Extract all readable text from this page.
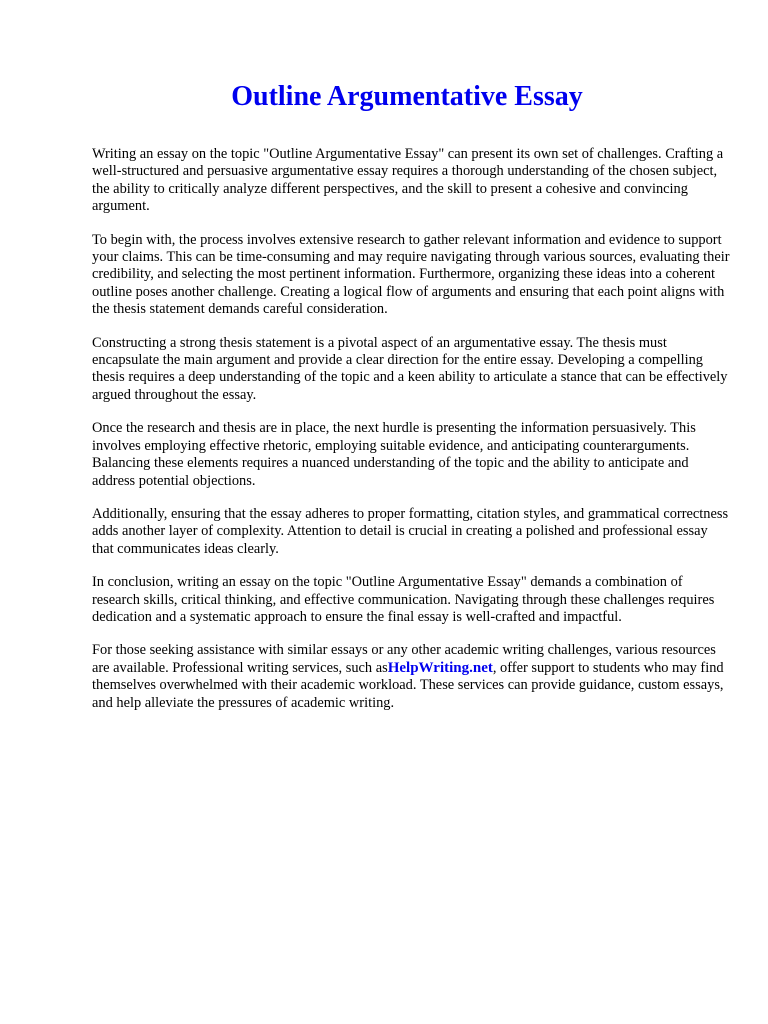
Outline Argumentative Essay

Writing an essay on the topic "Outline Argumentative Essay" can present its own set of challenges. Crafting a well-structured and persuasive argumentative essay requires a thorough understanding of the chosen subject, the ability to critically analyze different perspectives, and the skill to present a cohesive and convincing argument.

To begin with, the process involves extensive research to gather relevant information and evidence to support your claims. This can be time-consuming and may require navigating through various sources, evaluating their credibility, and selecting the most pertinent information. Furthermore, organizing these ideas into a coherent outline poses another challenge. Creating a logical flow of arguments and ensuring that each point aligns with the thesis statement demands careful consideration.

Constructing a strong thesis statement is a pivotal aspect of an argumentative essay. The thesis must encapsulate the main argument and provide a clear direction for the entire essay. Developing a compelling thesis requires a deep understanding of the topic and a keen ability to articulate a stance that can be effectively argued throughout the essay.

Once the research and thesis are in place, the next hurdle is presenting the information persuasively. This involves employing effective rhetoric, employing suitable evidence, and anticipating counterarguments. Balancing these elements requires a nuanced understanding of the topic and the ability to anticipate and address potential objections.

Additionally, ensuring that the essay adheres to proper formatting, citation styles, and grammatical correctness adds another layer of complexity. Attention to detail is crucial in creating a polished and professional essay that communicates ideas clearly.

In conclusion, writing an essay on the topic "Outline Argumentative Essay" demands a combination of research skills, critical thinking, and effective communication. Navigating through these challenges requires dedication and a systematic approach to ensure the final essay is well-crafted and impactful.

For those seeking assistance with similar essays or any other academic writing challenges, various resources are available. Professional writing services, such asHelpWriting.net, offer support to students who may find themselves overwhelmed with their academic workload. These services can provide guidance, custom essays, and help alleviate the pressures of academic writing.
